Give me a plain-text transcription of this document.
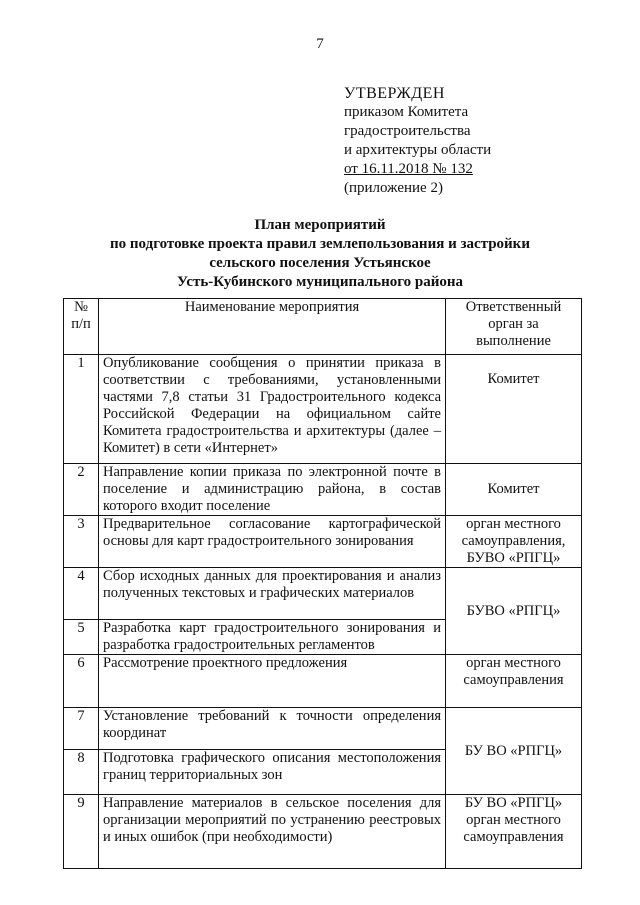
7
УТВЕРЖДЕН
приказом Комитета
градостроительства
и архитектуры области
от 16.11.2018 № 132
(приложение 2)
План мероприятий
по подготовке проекта правил землепользования и застройки
сельского поселения Устьянское
Усть-Кубинского муниципального района
№ п/п	Наименование мероприятия	Ответственный орган за выполнение
1	Опубликование сообщения о принятии приказа в соответствии с требованиями, установленными частями 7,8 статьи 31 Градостроительного кодекса Российской Федерации на официальном сайте Комитета градостроительства и архитектуры (далее – Комитет) в сети «Интернет»	Комитет
2	Направление копии приказа по электронной почте в поселение и администрацию района, в состав которого входит поселение	Комитет
3	Предварительное согласование картографической основы для карт градостроительного зонирования	орган местного самоуправления, БУВО «РПГЦ»
4	Сбор исходных данных для проектирования и анализ полученных текстовых и графических материалов	БУВО «РПГЦ»
5	Разработка карт градостроительного зонирования и разработка градостроительных регламентов	
6	Рассмотрение проектного предложения	орган местного самоуправления
7	Установление требований к точности определения координат	БУ ВО «РПГЦ»
8	Подготовка графического описания местоположения границ территориальных зон	
9	Направление материалов в сельское поселения для организации мероприятий по устранению реестровых и иных ошибок (при необходимости)	БУ ВО «РПГЦ» орган местного самоуправления
